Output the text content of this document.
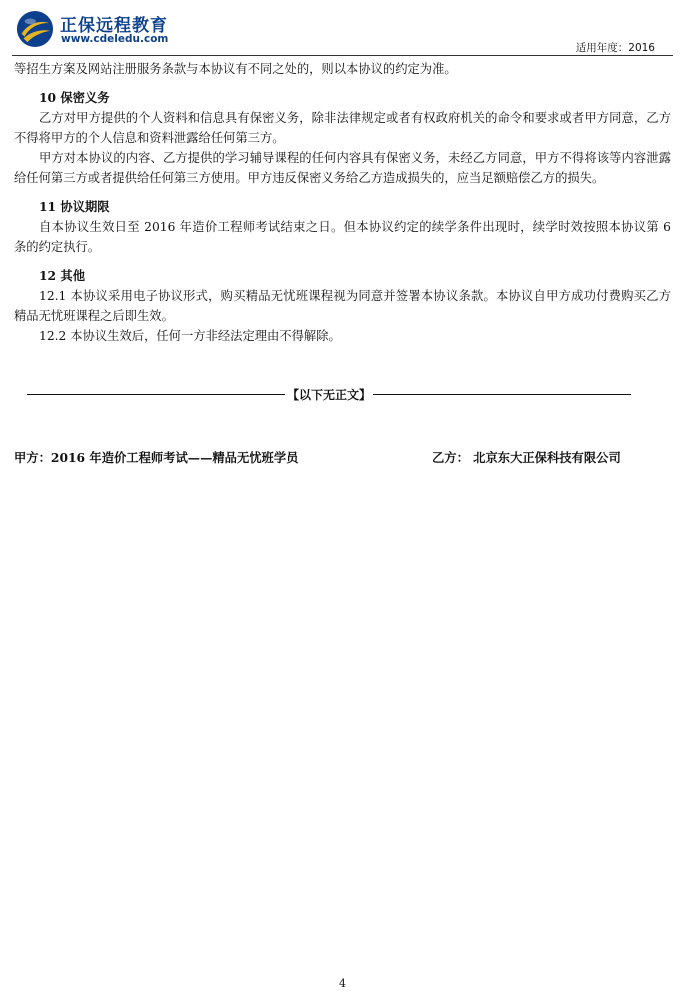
正保远程教育
www.cdeledu.com
适用年度：2016

等招生方案及网站注册服务条款与本协议有不同之处的，则以本协议的约定为准。

10 保密义务

乙方对甲方提供的个人资料和信息具有保密义务，除非法律规定或者有权政府机关的命令和要求或者甲方同意，乙方不得将甲方的个人信息和资料泄露给任何第三方。

甲方对本协议的内容、乙方提供的学习辅导课程的任何内容具有保密义务，未经乙方同意，甲方不得将该等内容泄露给任何第三方或者提供给任何第三方使用。甲方违反保密义务给乙方造成损失的，应当足额赔偿乙方的损失。

11 协议期限

自本协议生效日至 2016 年造价工程师考试结束之日。但本协议约定的续学条件出现时，续学时效按照本协议第 6 条的约定执行。

12 其他

12.1 本协议采用电子协议形式，购买精品无忧班课程视为同意并签署本协议条款。本协议自甲方成功付费购买乙方精品无忧班课程之后即生效。

12.2 本协议生效后，任何一方非经法定理由不得解除。

【以下无正文】
甲方：2016 年造价工程师考试——精品无忧班学员	乙方： 北京东大正保科技有限公司
4
